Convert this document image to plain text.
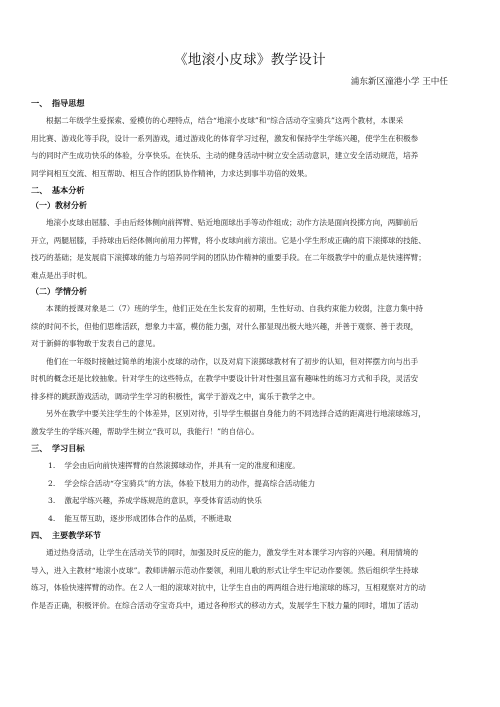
《地滚小皮球》教学设计
浦东新区潼港小学 王中任
一、 指导思想
根据二年级学生爱探索、爱模仿的心理特点，结合“地滚小皮球”和“综合活动夺宝骑兵”这两个教材，本课采
用比赛、游戏化等手段，设计一系列游戏，通过游戏化的体育学习过程，激发和保持学生学练兴趣，使学生在积极参
与的同时产生成功快乐的体验，分享快乐。在快乐、主动的健身活动中树立安全活动意识，建立安全活动规范，培养
同学间相互交流、相互帮助、相互合作的团队协作精神，力求达到事半功倍的效果。
二、 基本分析
（一）教材分析
地滚小皮球由屈膝、手由后经体侧向前挥臂、贴近地面球出手等动作组成；动作方法是面向投掷方向，两脚前后
开立，两腿屈膝，手持球由后经体侧向前用力挥臂，将小皮球向前方滚出。它是小学生形成正确的肩下滚掷球的技能、
技巧的基础；是发展肩下滚掷球的能力与培养同学间的团队协作精神的重要手段。在二年级教学中的重点是快速挥臂；
难点是出手时机。
（二）学情分析
本课的授课对象是二（7）班的学生，他们正处在生长发育的初期，生性好动、自我约束能力较弱，注意力集中持
续的时间不长，但他们思维活跃，想象力丰富，模仿能力强，对什么都显现出极大地兴趣，并善于观察、善于表现，
对于新鲜的事物敢于发表自己的意见。
他们在一年级时接触过简单的地滚小皮球的动作，以及对肩下滚掷球教材有了初步的认知，但对挥摆方向与出手
时机的概念还是比较抽象。针对学生的这些特点，在教学中要设计针对性强且富有趣味性的练习方式和手段，灵活安
排多样的跳跃游戏活动，调动学生学习的积极性，寓学于游戏之中，寓乐于教学之中。
另外在教学中要关注学生的个体差异，区别对待，引导学生根据自身能力的不同选择合适的距离进行地滚球练习，
激发学生的学练兴趣，帮助学生树立“我可以，我能行！”的自信心。
三、 学习目标
1. 学会由后向前快速挥臂的自然滚掷球动作，并具有一定的准度和速度。
2. 学会综合活动“夺宝骑兵”的方法，体验下肢用力的动作，提高综合活动能力
3. 激起学练兴趣，养成学练规范的意识，享受体育活动的快乐
4. 能互帮互助，逐步形成团体合作的品质，不断进取
四、 主要教学环节
通过热身活动，让学生在活动关节的同时，加强及时反应的能力，激发学生对本课学习内容的兴趣。利用情境的
导入，进入主教材“地滚小皮球”。教师讲解示范动作要领，利用儿歌的形式让学生牢记动作要领。然后组织学生持球
练习，体验快速挥臂的动作。在２人一组的滚球对抗中，让学生自由的两两组合进行地滚球的练习，互相观察对方的动
作是否正确，积极评价。在综合活动夺宝奇兵中，通过各种形式的移动方式，发展学生下肢力量的同时，增加了活动
